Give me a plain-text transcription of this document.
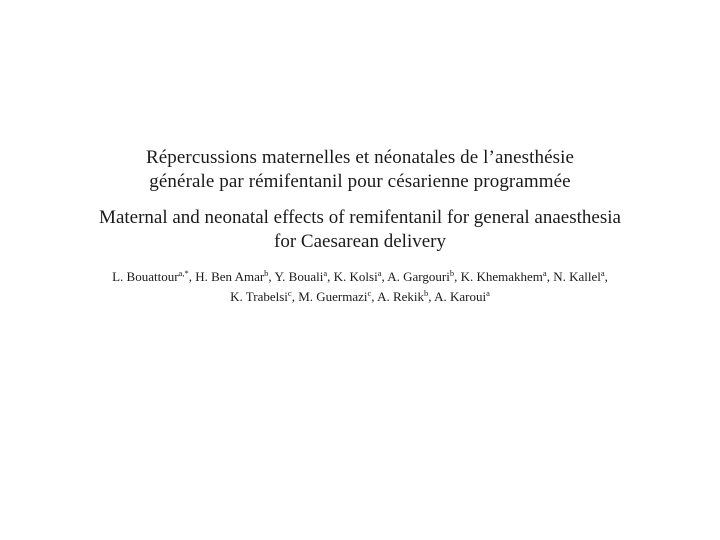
Répercussions maternelles et néonatales de l’anesthésie
générale par rémifentanil pour césarienne programmée
Maternal and neonatal effects of remifentanil for general anaesthesia
for Caesarean delivery
L. Bouattour$^{a,*}$, H. Ben Amar$^b$, Y. Bouali$^a$, K. Kolsi$^a$, A. Gargouri$^b$, K. Khemakhem$^a$, N. Kallel$^a$,
K. Trabelsi$^c$, M. Guermazi$^c$, A. Rekik$^b$, A. Karoui$^a$
